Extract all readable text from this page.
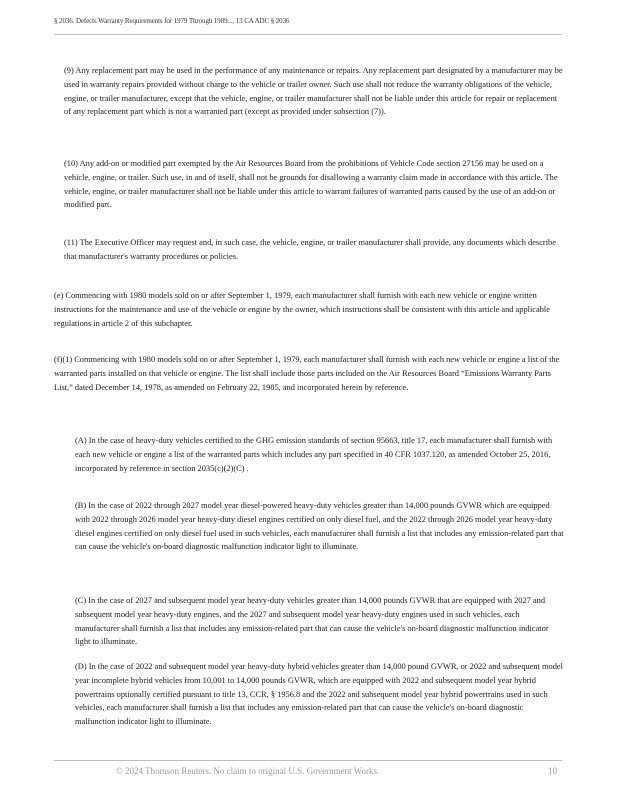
§ 2036. Defects Warranty Requirements for 1979 Through 1989..., 13 CA ADC § 2036

(9) Any replacement part may be used in the performance of any maintenance or repairs. Any replacement part designated by a manufacturer may be used in warranty repairs provided without charge to the vehicle or trailer owner. Such use shall not reduce the warranty obligations of the vehicle, engine, or trailer manufacturer, except that the vehicle, engine, or trailer manufacturer shall not be liable under this article for repair or replacement of any replacement part which is not a warranted part (except as provided under subsection (7)).

(10) Any add-on or modified part exempted by the Air Resources Board from the prohibitions of Vehicle Code section 27156 may be used on a vehicle, engine, or trailer. Such use, in and of itself, shall not be grounds for disallowing a warranty claim made in accordance with this article. The vehicle, engine, or trailer manufacturer shall not be liable under this article to warrant failures of warranted parts caused by the use of an add-on or modified part.

(11) The Executive Officer may request and, in such case, the vehicle, engine, or trailer manufacturer shall provide, any documents which describe that manufacturer's warranty procedures or policies.

(e) Commencing with 1980 models sold on or after September 1, 1979, each manufacturer shall furnish with each new vehicle or engine written instructions for the maintenance and use of the vehicle or engine by the owner, which instructions shall be consistent with this article and applicable regulations in article 2 of this subchapter.

(f)(1) Commencing with 1980 models sold on or after September 1, 1979, each manufacturer shall furnish with each new vehicle or engine a list of the warranted parts installed on that vehicle or engine. The list shall include those parts included on the Air Resources Board “Emissions Warranty Parts List,” dated December 14, 1978, as amended on February 22, 1985, and incorporated herein by reference.

(A) In the case of heavy-duty vehicles certified to the GHG emission standards of section 95663, title 17, each manufacturer shall furnish with each new vehicle or engine a list of the warranted parts which includes any part specified in 40 CFR 1037.120, as amended October 25, 2016, incorporated by reference in section 2035(c)(2)(C) .

(B) In the case of 2022 through 2027 model year diesel-powered heavy-duty vehicles greater than 14,000 pounds GVWR which are equipped with 2022 through 2026 model year heavy-duty diesel engines certified on only diesel fuel, and the 2022 through 2026 model year heavy-duty diesel engines certified on only diesel fuel used in such vehicles, each manufacturer shall furnish a list that includes any emission-related part that can cause the vehicle's on-board diagnostic malfunction indicator light to illuminate.

(C) In the case of 2027 and subsequent model year heavy-duty vehicles greater than 14,000 pounds GVWR that are equipped with 2027 and subsequent model year heavy-duty engines, and the 2027 and subsequent model year heavy-duty engines used in such vehicles, each manufacturer shall furnish a list that includes any emission-related part that can cause the vehicle's on-board diagnostic malfunction indicator light to illuminate.

(D) In the case of 2022 and subsequent model year heavy-duty hybrid vehicles greater than 14,000 pound GVWR, or 2022 and subsequent model year incomplete hybrid vehicles from 10,001 to 14,000 pounds GVWR, which are equipped with 2022 and subsequent model year hybrid powertrains optionally certified pursuant to title 13, CCR, § 1956.8 and the 2022 and subsequent model year hybrid powertrains used in such vehicles, each manufacturer shall furnish a list that includes any emission-related part that can cause the vehicle's on-board diagnostic malfunction indicator light to illuminate.

© 2024 Thomson Reuters. No claim to original U.S. Government Works.	10
